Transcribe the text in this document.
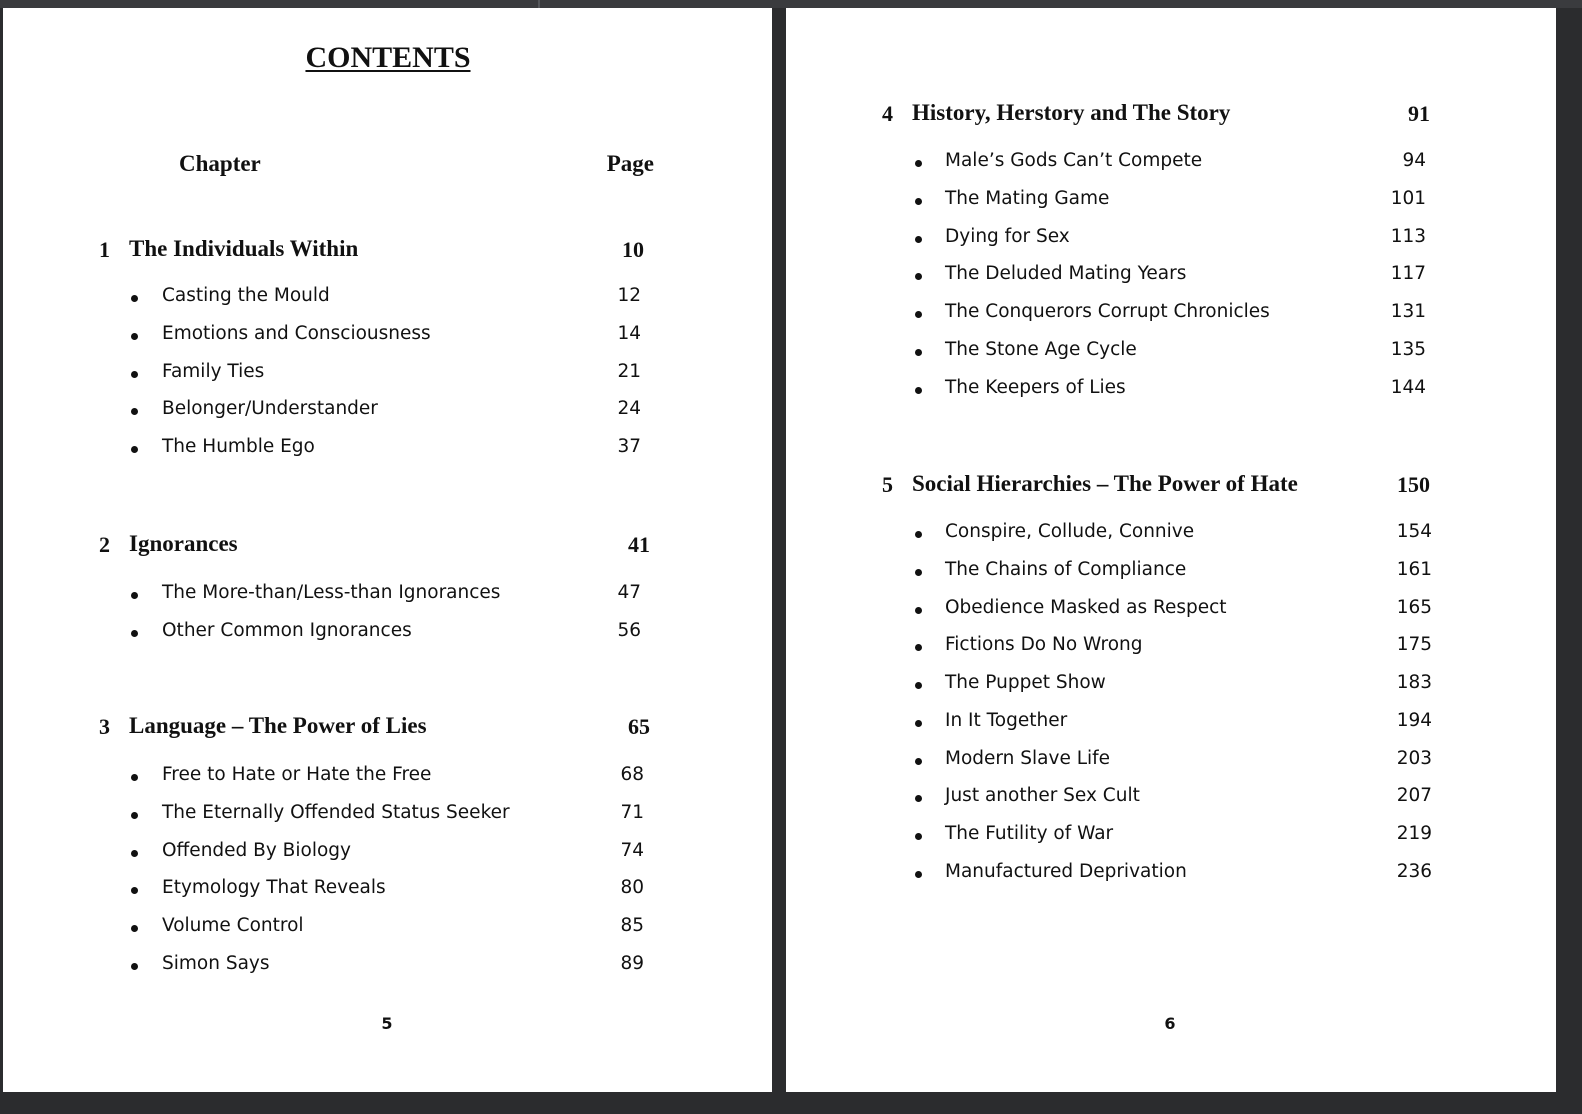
CONTENTS
Chapter	Page
1 The Individuals Within	10
Casting the Mould	12
Emotions and Consciousness	14
Family Ties	21
Belonger/Understander	24
The Humble Ego	37
2 Ignorances	41
The More-than/Less-than Ignorances	47
Other Common Ignorances	56
3 Language – The Power of Lies	65
Free to Hate or Hate the Free	68
The Eternally Offended Status Seeker	71
Offended By Biology	74
Etymology That Reveals	80
Volume Control	85
Simon Says	89
5
4 History, Herstory and The Story	91
Male’s Gods Can’t Compete	94
The Mating Game	101
Dying for Sex	113
The Deluded Mating Years	117
The Conquerors Corrupt Chronicles	131
The Stone Age Cycle	135
The Keepers of Lies	144
5 Social Hierarchies – The Power of Hate	150
Conspire, Collude, Connive	154
The Chains of Compliance	161
Obedience Masked as Respect	165
Fictions Do No Wrong	175
The Puppet Show	183
In It Together	194
Modern Slave Life	203
Just another Sex Cult	207
The Futility of War	219
Manufactured Deprivation	236
6
